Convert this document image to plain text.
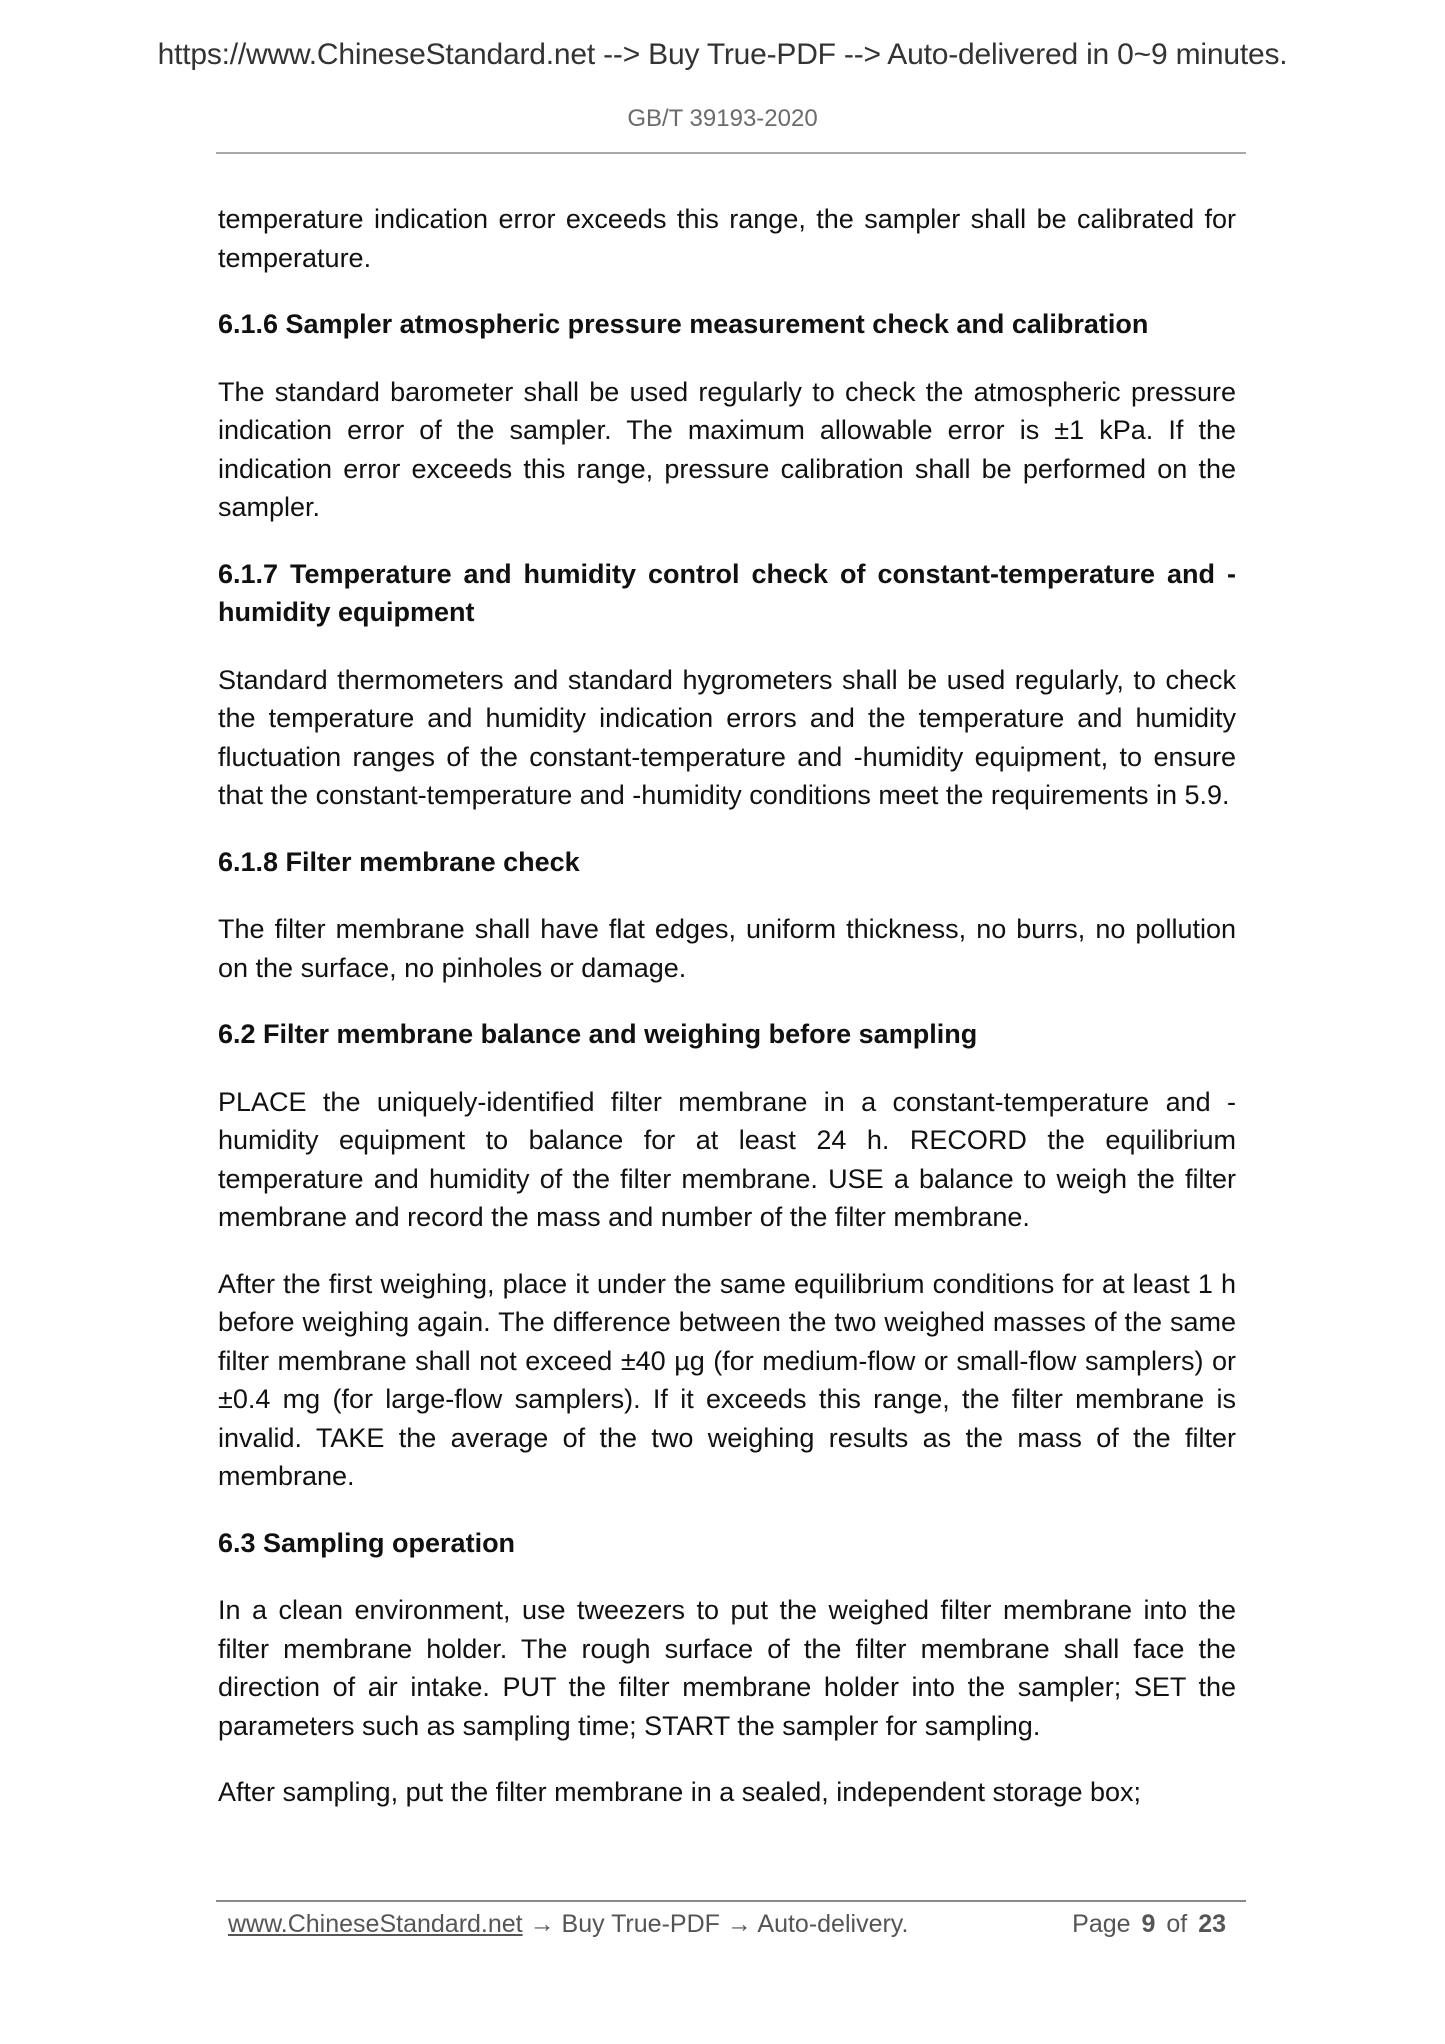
https://www.ChineseStandard.net --> Buy True-PDF --> Auto-delivered in 0~9 minutes.
GB/T 39193-2020

temperature indication error exceeds this range, the sampler shall be calibrated for temperature.

6.1.6 Sampler atmospheric pressure measurement check and calibration

The standard barometer shall be used regularly to check the atmospheric pressure indication error of the sampler. The maximum allowable error is ±1 kPa. If the indication error exceeds this range, pressure calibration shall be performed on the sampler.

6.1.7 Temperature and humidity control check of constant-temperature and -humidity equipment

Standard thermometers and standard hygrometers shall be used regularly, to check the temperature and humidity indication errors and the temperature and humidity fluctuation ranges of the constant-temperature and -humidity equipment, to ensure that the constant-temperature and -humidity conditions meet the requirements in 5.9.

6.1.8 Filter membrane check

The filter membrane shall have flat edges, uniform thickness, no burrs, no pollution on the surface, no pinholes or damage.

6.2 Filter membrane balance and weighing before sampling

PLACE the uniquely-identified filter membrane in a constant-temperature and -humidity equipment to balance for at least 24 h. RECORD the equilibrium temperature and humidity of the filter membrane. USE a balance to weigh the filter membrane and record the mass and number of the filter membrane.

After the first weighing, place it under the same equilibrium conditions for at least 1 h before weighing again. The difference between the two weighed masses of the same filter membrane shall not exceed ±40 µg (for medium-flow or small-flow samplers) or ±0.4 mg (for large-flow samplers). If it exceeds this range, the filter membrane is invalid. TAKE the average of the two weighing results as the mass of the filter membrane.

6.3 Sampling operation

In a clean environment, use tweezers to put the weighed filter membrane into the filter membrane holder. The rough surface of the filter membrane shall face the direction of air intake. PUT the filter membrane holder into the sampler; SET the parameters such as sampling time; START the sampler for sampling.

After sampling, put the filter membrane in a sealed, independent storage box;

www.ChineseStandard.net → Buy True-PDF → Auto-delivery.	Page 9 of 23
